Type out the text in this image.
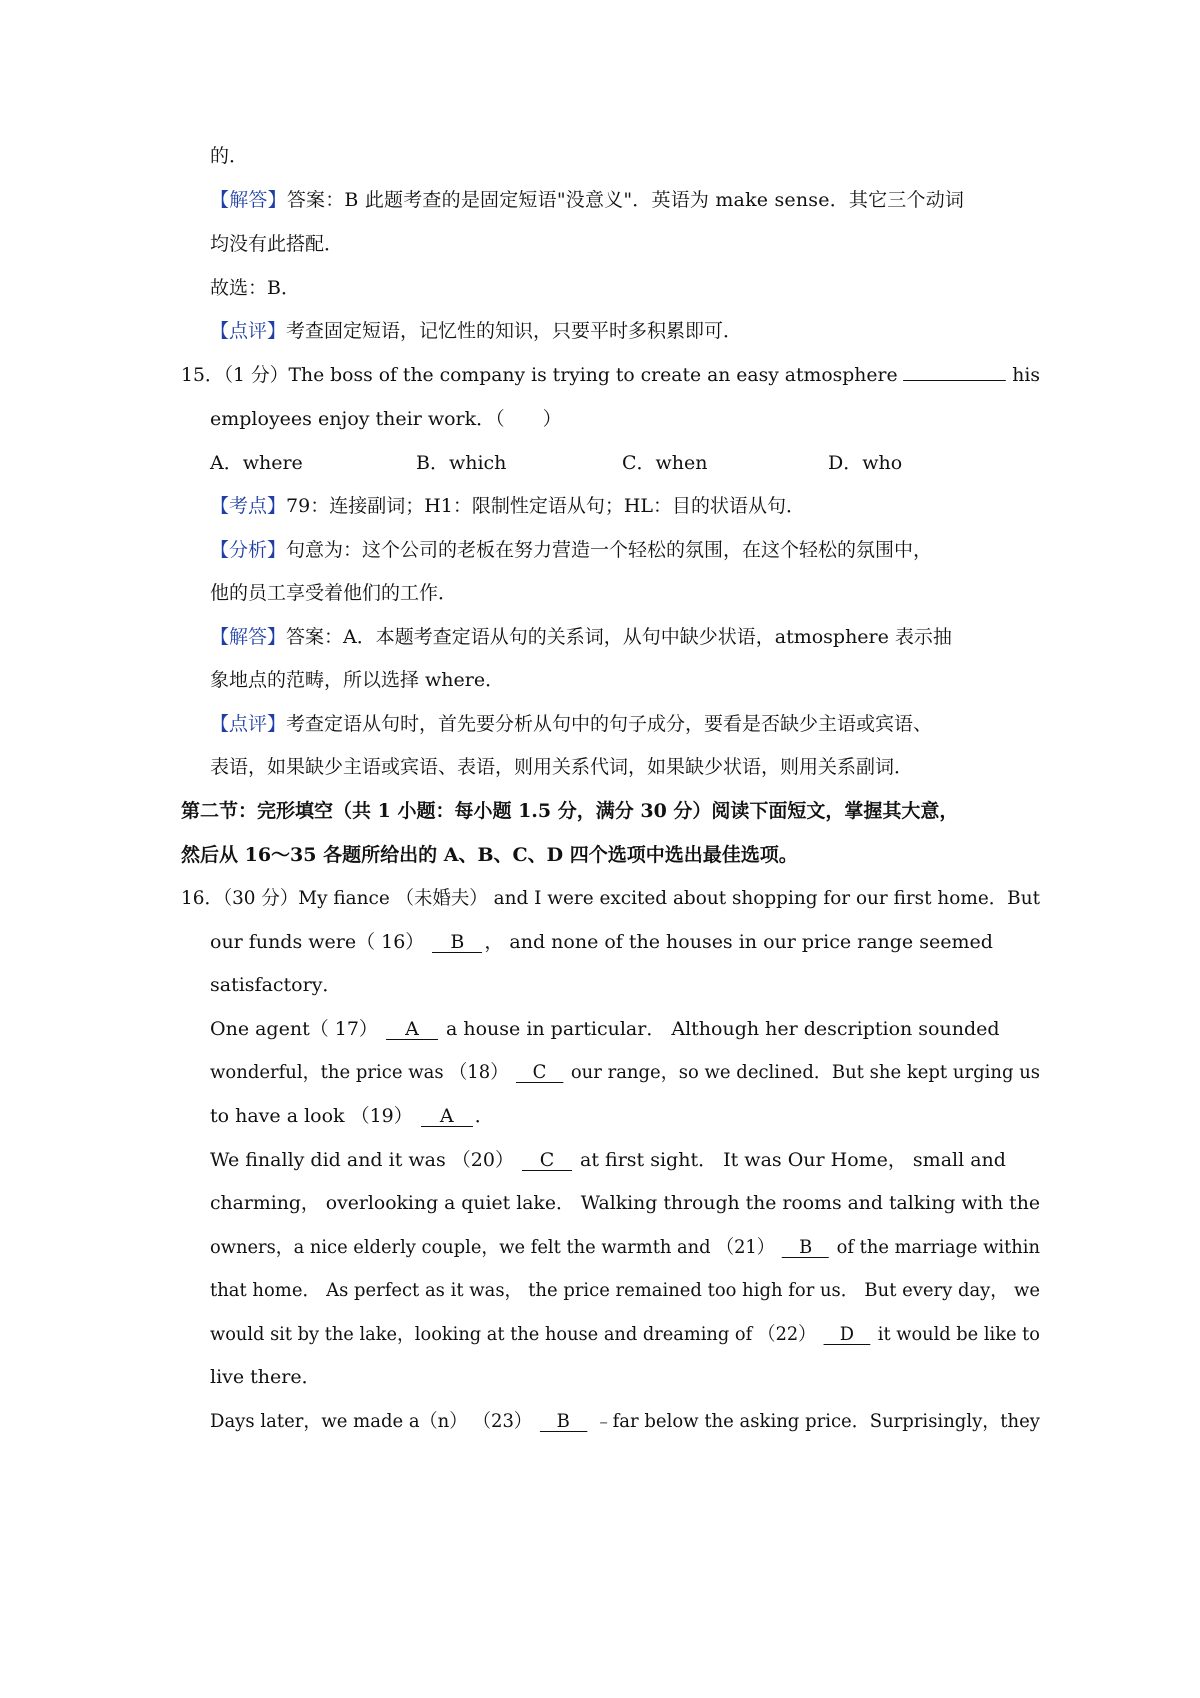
的．
【解答】答案：B 此题考查的是固定短语"没意义"．英语为 make sense．其它三个动词
均没有此搭配．
故选：B．
【点评】考查固定短语，记忆性的知识，只要平时多积累即可．
15．（1 分）The boss of the company is trying to create an easy atmosphere	his
employees enjoy their work．（　　）
A．where	B．which	C．when	D．who
【考点】79：连接副词；H1：限制性定语从句；HL：目的状语从句．
【分析】句意为：这个公司的老板在努力营造一个轻松的氛围，在这个轻松的氛围中，
他的员工享受着他们的工作．
【解答】答案：A．本题考查定语从句的关系词，从句中缺少状语，atmosphere 表示抽
象地点的范畴，所以选择 where．
【点评】考查定语从句时，首先要分析从句中的句子成分，要看是否缺少主语或宾语、
表语，如果缺少主语或宾语、表语，则用关系代词，如果缺少状语，则用关系副词．
第二节：完形填空（共 1 小题：每小题 1.5 分，满分 30 分）阅读下面短文，掌握其大意，
然后从 16～35 各题所给出的 A、B、C、D 四个选项中选出最佳选项。
16．（30 分）My fiance （未婚夫） and I were excited about shopping for our first home．But
our funds were（ 16） B ， and none of the houses in our price range seemed
satisfactory．
One agent（ 17） A a house in particular． Although her description sounded
wonderful，the price was （18） C our range，so we declined．But she kept urging us
to have a look （19） A ．
We finally did and it was （20） C at first sight． It was Our Home， small and
charming， overlooking a quiet lake． Walking through the rooms and talking with the
owners，a nice elderly couple，we felt the warmth and （21） B of the marriage within
that home． As perfect as it was， the price remained too high for us． But every day， we
would sit by the lake，looking at the house and dreaming of （22） D it would be like to
live there．
Days later，we made a（n） （23） B ﹣far below the asking price．Surprisingly，they
